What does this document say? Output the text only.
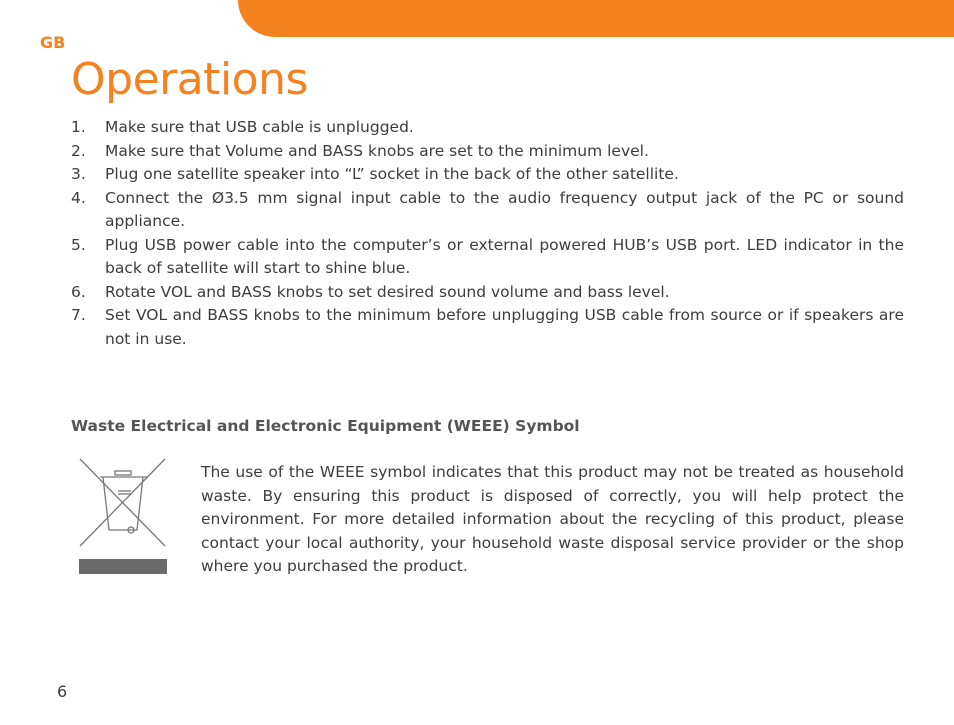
GB
Operations
1.	Make sure that USB cable is unplugged.
2.	Make sure that Volume and BASS knobs are set to the minimum level.
3.	Plug one satellite speaker into “L” socket in the back of the other satellite.
4.	Connect the Ø3.5 mm signal input cable to the audio frequency output jack of the PC or sound appliance.
5.	Plug USB power cable into the computer’s or external powered HUB’s USB port. LED indicator in the back of satellite will start to shine blue.
6.	Rotate VOL and BASS knobs to set desired sound volume and bass level.
7.	Set VOL and BASS knobs to the minimum before unplugging USB cable from source or if speakers are not in use.
Waste Electrical and Electronic Equipment (WEEE) Symbol

The use of the WEEE symbol indicates that this product may not be treated as household waste. By ensuring this product is disposed of correctly, you will help protect the environment. For more detailed information about the recycling of this product, please contact your local authority, your household waste disposal service provider or the shop where you purchased the product.

6
